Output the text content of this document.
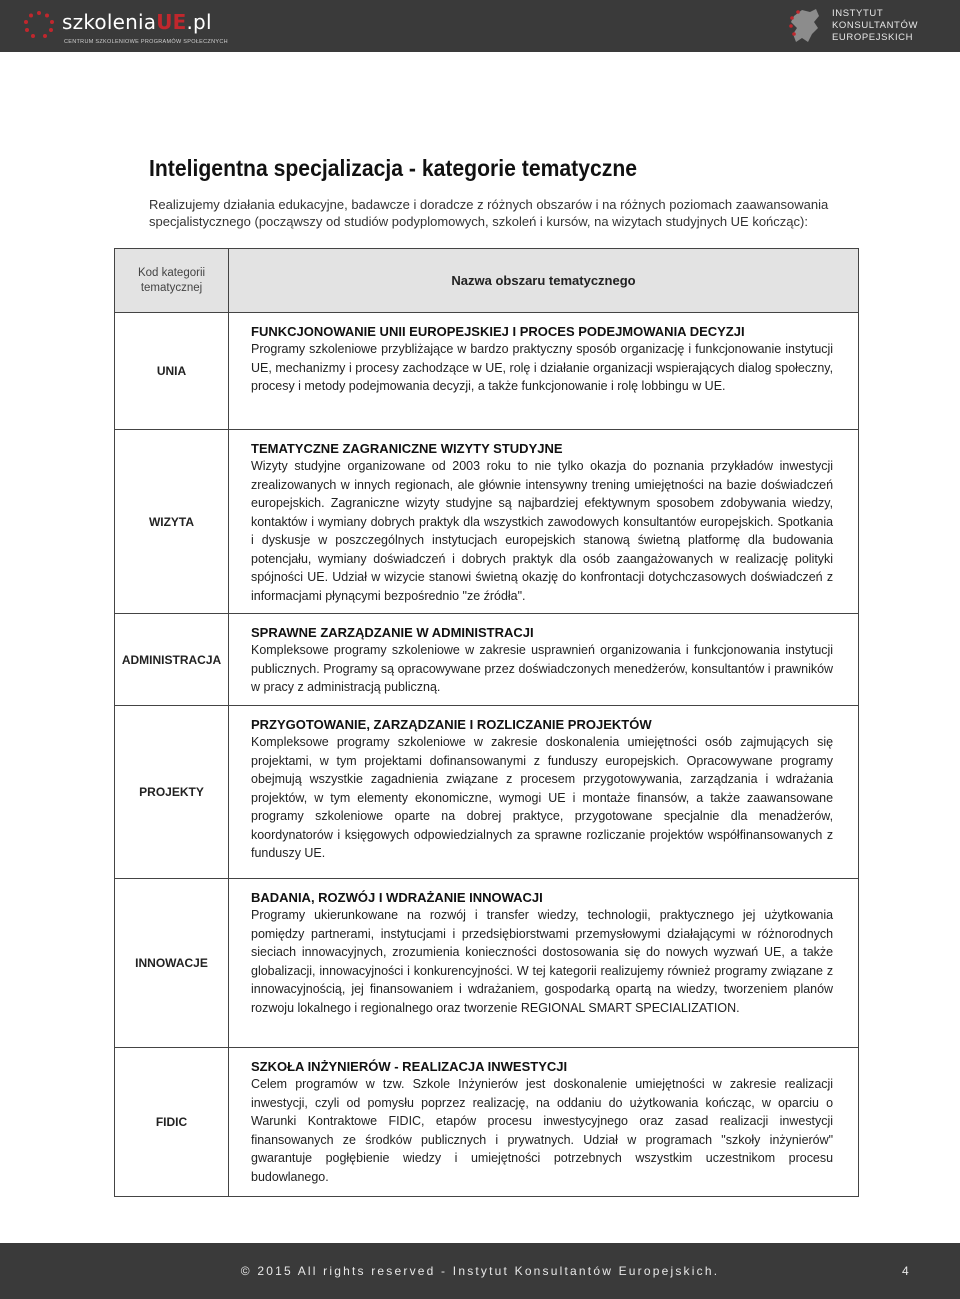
szkoleniaUE.pl
CENTRUM SZKOLENIOWE PROGRAMÓW SPOŁECZNYCH
INSTYTUT
KONSULTANTÓW
EUROPEJSKICH
Inteligentna specjalizacja - kategorie tematyczne

Realizujemy działania edukacyjne, badawcze i doradcze z różnych obszarów i na różnych poziomach zaawansowania specjalistycznego (począwszy od studiów podyplomowych, szkoleń i kursów, na wizytach studyjnych UE kończąc):

Kod kategorii tematycznej	Nazwa obszaru tematycznego
UNIA	FUNKCJONOWANIE UNII EUROPEJSKIEJ I PROCES PODEJMOWANIA DECYZJI

Programy szkoleniowe przybliżające w bardzo praktyczny sposób organizację i funkcjonowanie instytucji UE, mechanizmy i procesy zachodzące w UE, rolę i działanie organizacji wspierających dialog społeczny, procesy i metody podejmowania decyzji, a także funkcjonowanie i rolę lobbingu w UE.

WIZYTA	TEMATYCZNE ZAGRANICZNE WIZYTY STUDYJNE

Wizyty studyjne organizowane od 2003 roku to nie tylko okazja do poznania przykładów inwestycji zrealizowanych w innych regionach, ale głównie intensywny trening umiejętności na bazie doświadczeń europejskich. Zagraniczne wizyty studyjne są najbardziej efektywnym sposobem zdobywania wiedzy, kontaktów i wymiany dobrych praktyk dla wszystkich zawodowych konsultantów europejskich. Spotkania i dyskusje w poszczególnych instytucjach europejskich stanową świetną platformę dla budowania potencjału, wymiany doświadczeń i dobrych praktyk dla osób zaangażowanych w realizację polityki spójności UE. Udział w wizycie stanowi świetną okazję do konfrontacji dotychczasowych doświadczeń z informacjami płynącymi bezpośrednio "ze źródła".

ADMINISTRACJA	SPRAWNE ZARZĄDZANIE W ADMINISTRACJI

Kompleksowe programy szkoleniowe w zakresie usprawnień organizowania i funkcjonowania instytucji publicznych. Programy są opracowywane przez doświadczonych menedżerów, konsultantów i prawników w pracy z administracją publiczną.

PROJEKTY	PRZYGOTOWANIE, ZARZĄDZANIE I ROZLICZANIE PROJEKTÓW

Kompleksowe programy szkoleniowe w zakresie doskonalenia umiejętności osób zajmujących się projektami, w tym projektami dofinansowanymi z funduszy europejskich. Opracowywane programy obejmują wszystkie zagadnienia związane z procesem przygotowywania, zarządzania i wdrażania projektów, w tym elementy ekonomiczne, wymogi UE i montaże finansów, a także zaawansowane programy szkoleniowe oparte na dobrej praktyce, przygotowane specjalnie dla menadżerów, koordynatorów i księgowych odpowiedzialnych za sprawne rozliczanie projektów współfinansowanych z funduszy UE.

INNOWACJE	BADANIA, ROZWÓJ I WDRAŻANIE INNOWACJI

Programy ukierunkowane na rozwój i transfer wiedzy, technologii, praktycznego jej użytkowania pomiędzy partnerami, instytucjami i przedsiębiorstwami przemysłowymi działającymi w różnorodnych sieciach innowacyjnych, zrozumienia konieczności dostosowania się do nowych wyzwań UE, a także globalizacji, innowacyjności i konkurencyjności. W tej kategorii realizujemy również programy związane z innowacyjnością, jej finansowaniem i wdrażaniem, gospodarką opartą na wiedzy, tworzeniem planów rozwoju lokalnego i regionalnego oraz tworzenie REGIONAL SMART SPECIALIZATION.

FIDIC	SZKOŁA INŻYNIERÓW - REALIZACJA INWESTYCJI

Celem programów w tzw. Szkole Inżynierów jest doskonalenie umiejętności w zakresie realizacji inwestycji, czyli od pomysłu poprzez realizację, na oddaniu do użytkowania kończąc, w oparciu o Warunki Kontraktowe FIDIC, etapów procesu inwestycyjnego oraz zasad realizacji inwestycji finansowanych ze środków publicznych i prywatnych. Udział w programach "szkoły inżynierów" gwarantuje pogłębienie wiedzy i umiejętności potrzebnych wszystkim uczestnikom procesu budowlanego.

© 2015 All rights reserved - Instytut Konsultantów Europejskich.	4
